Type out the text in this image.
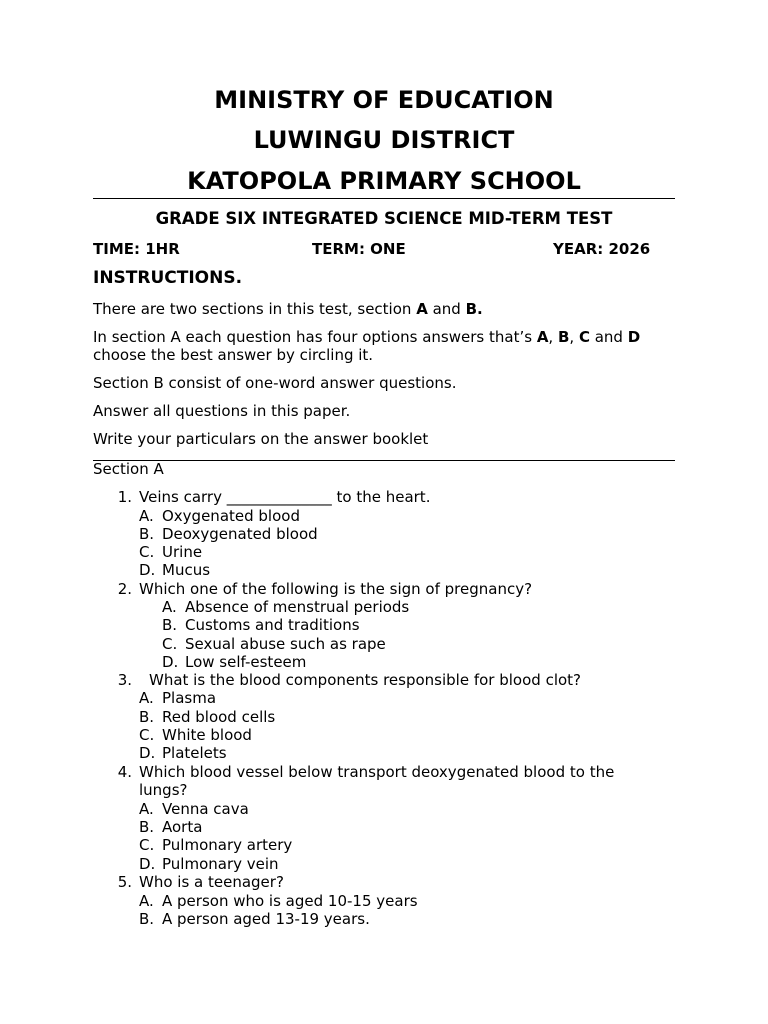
MINISTRY OF EDUCATION
LUWINGU DISTRICT
KATOPOLA PRIMARY SCHOOL
GRADE SIX INTEGRATED SCIENCE MID-TERM TEST
TIME: 1HR	TERM: ONE	YEAR: 2026
INSTRUCTIONS.
There are two sections in this test, section A and B.
In section A each question has four options answers that’s A, B, C and D
choose the best answer by circling it.
Section B consist of one-word answer questions.
Answer all questions in this paper.
Write your particulars on the answer booklet
Section A
1. Veins carry ______________ to the heart.
A. Oxygenated blood
B. Deoxygenated blood
C. Urine
D. Mucus
2. Which one of the following is the sign of pregnancy?
A. Absence of menstrual periods
B. Customs and traditions
C. Sexual abuse such as rape
D. Low self-esteem
3. What is the blood components responsible for blood clot?
A. Plasma
B. Red blood cells
C. White blood
D. Platelets
4. Which blood vessel below transport deoxygenated blood to the
lungs?
A. Venna cava
B. Aorta
C. Pulmonary artery
D. Pulmonary vein
5. Who is a teenager?
A. A person who is aged 10-15 years
B. A person aged 13-19 years.
